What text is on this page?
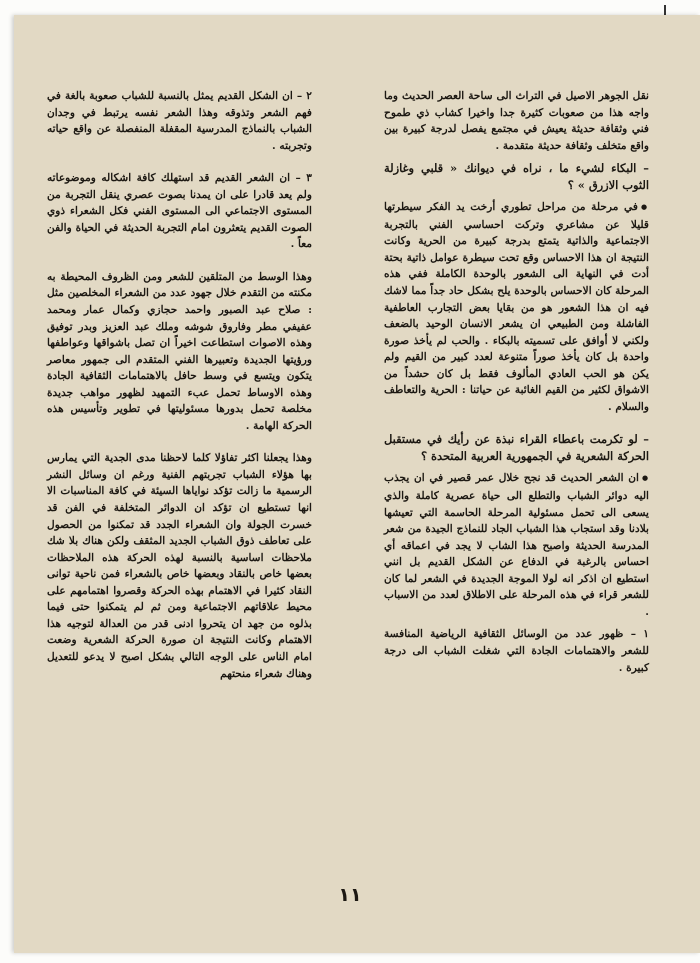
نقل الجوهر الاصيل في التراث الى ساحة العصر الحديث وما واجه هذا من صعوبات كثيرة جدا واخيرا كشاب ذي طموح فني وثقافة حديثة يعيش في مجتمع يفصل لدرجة كبيرة بين واقع متخلف وثقافة حديثة متقدمة .

– البكاء لشيء ما ، نراه في ديوانك « قلبي وغازلة الثوب الازرق » ؟

● في مرحلة من مراحل تطوري أرخت يد الفكر سيطرتها قليلا عن مشاعري وتركت احساسي الفني بالتجربة الاجتماعية والذاتية يتمتع بدرجة كبيرة من الحرية وكانت النتيجة ان هذا الاحساس وقع تحت سيطرة عوامل ذاتية بحتة أدت في النهاية الى الشعور بالوحدة الكاملة ففي هذه المرحلة كان الاحساس بالوحدة يلح بشكل حاد جداً مما لاشك فيه ان هذا الشعور هو من بقايا بعض التجارب العاطفية الفاشلة ومن الطبيعي ان يشعر الانسان الوحيد بالضعف ولكني لا أوافق على تسميته بالبكاء . والحب لم يأخذ صورة واحدة بل كان يأخذ صوراً متنوعة لعدد كبير من القيم ولم يكن هو الحب العادي المألوف فقط بل كان حشداً من الاشواق لكثير من القيم الغائبة عن حياتنا : الحرية والتعاطف والسلام .

– لو تكرمت باعطاء القراء نبذة عن رأيك في مستقبل الحركة الشعرية في الجمهورية العربية المتحدة ؟

● ان الشعر الحديث قد نجح خلال عمر قصير في ان يجذب اليه دوائر الشباب والتطلع الى حياة عصرية كاملة والذي يسعى الى تحمل مسئولية المرحلة الحاسمة التي تعيشها بلادنا وقد استجاب هذا الشباب الجاد للنماذج الجيدة من شعر المدرسة الحديثة واصبح هذا الشاب لا يجد في اعماقه أي احساس بالرغبة في الدفاع عن الشكل القديم بل انني استطيع ان اذكر انه لولا الموجة الجديدة في الشعر لما كان للشعر قراء في هذه المرحلة على الاطلاق لعدد من الاسباب .

١ – ظهور عدد من الوسائل الثقافية الرياضية المنافسة للشعر والاهتمامات الجادة التي شغلت الشباب الى درجة كبيرة .

٢ – ان الشكل القديم يمثل بالنسبة للشباب صعوبة بالغة في فهم الشعر وتذوقه وهذا الشعر نفسه يرتبط في وجدان الشباب بالنماذج المدرسية المقفلة المنفصلة عن واقع حياته وتجربته .

٣ – ان الشعر القديم قد استهلك كافة اشكاله وموضوعاته ولم يعد قادرا على ان يمدنا بصوت عصري ينقل التجربة من المستوى الاجتماعي الى المستوى الفني فكل الشعراء ذوي الصوت القديم يتعثرون امام التجربة الحديثة في الحياة والفن معاً .

وهذا الوسط من المتلقين للشعر ومن الظروف المحيطة به مكنته من التقدم خلال جهود عدد من الشعراء المخلصين مثل : صلاح عبد الصبور واحمد حجازي وكمال عمار ومحمد عفيفي مطر وفاروق شوشه وملك عبد العزيز وبدر توفيق وهذه الاصوات استطاعت اخيراً ان تصل باشواقها وعواطفها ورؤيتها الجديدة وتعبيرها الفني المتقدم الى جمهور معاصر يتكون ويتسع في وسط حافل بالاهتمامات الثقافية الجادة وهذه الاوساط تحمل عبء التمهيد لظهور مواهب جديدة مخلصة تحمل بدورها مسئوليتها في تطوير وتأسيس هذه الحركة الهامة .

وهذا يجعلنا اكثر تفاؤلا كلما لاحظنا مدى الجدية التي يمارس بها هؤلاء الشباب تجربتهم الفنية ورغم ان وسائل النشر الرسمية ما زالت تؤكد نواياها السيئة في كافة المناسبات الا انها تستطيع ان تؤكد ان الدوائر المتخلفة في الفن قد خسرت الجولة وان الشعراء الجدد قد تمكنوا من الحصول على تعاطف ذوق الشباب الجديد المثقف ولكن هناك بلا شك ملاحظات اساسية بالنسبة لهذه الحركة هذه الملاحظات بعضها خاص بالنقاد وبعضها خاص بالشعراء فمن ناحية توانى النقاد كثيرا في الاهتمام بهذه الحركة وقصروا اهتمامهم على محيط علاقاتهم الاجتماعية ومن ثم لم يتمكنوا حتى فيما بذلوه من جهد ان يتحروا ادنى قدر من العدالة لتوجيه هذا الاهتمام وكانت النتيجة ان صورة الحركة الشعرية وضعت امام الناس على الوجه التالي بشكل اصبح لا يدعو للتعديل وهناك شعراء منحتهم

١١
